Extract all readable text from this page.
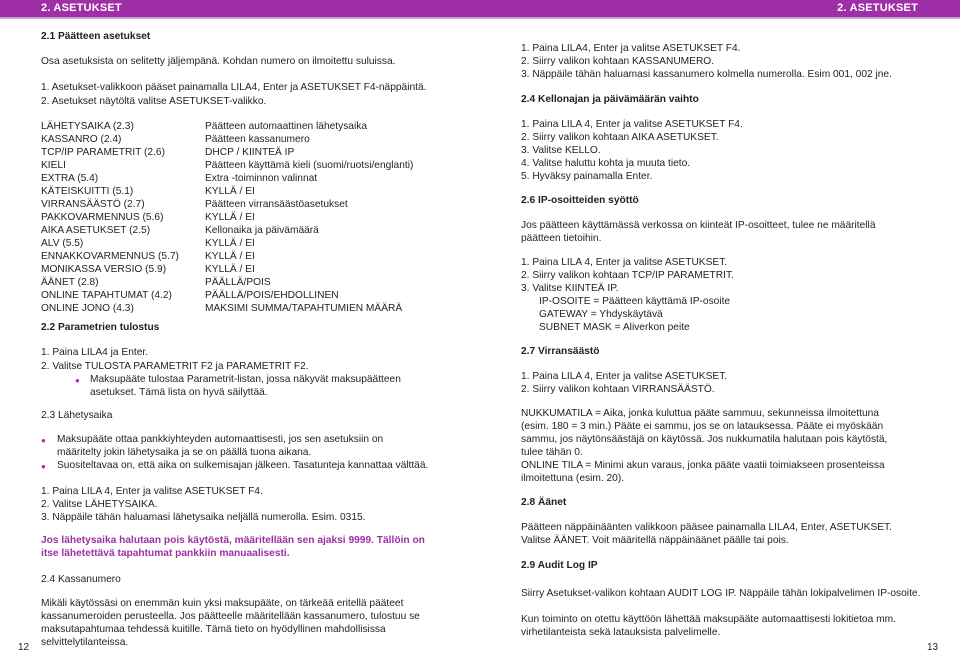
2. ASETUKSET	2. ASETUKSET
2.1 Päätteen asetukset
Osa asetuksista on selitetty jäljempänä. Kohdan numero on ilmoitettu suluissa.
1. Asetukset-valikkoon pääset painamalla LILA4, Enter ja ASETUKSET F4-näppäintä.
2. Asetukset näytöltä valitse ASETUKSET-valikko.
LÄHETYSAIKA (2.3)	Päätteen automaattinen lähetysaika
KASSANRO (2.4)	Päätteen kassanumero
TCP/IP PARAMETRIT (2.6)	DHCP / KIINTEÄ IP
KIELI	Päätteen käyttämä kieli (suomi/ruotsi/englanti)
EXTRA (5.4)	Extra -toiminnon valinnat
KÄTEISKUITTI (5.1)	KYLLÄ / EI
VIRRANSÄÄSTÖ (2.7)	Päätteen virransäästöasetukset
PAKKOVARMENNUS (5.6)	KYLLÄ / EI
AIKA ASETUKSET (2.5)	Kellonaika ja päivämäärä
ALV (5.5)	KYLLÄ / EI
ENNAKKOVARMENNUS (5.7)	KYLLÄ / EI
MONIKASSA VERSIO (5.9)	KYLLÄ / EI
ÄÄNET (2.8)	PÄÄLLÄ/POIS
ONLINE TAPAHTUMAT (4.2)	PÄÄLLÄ/POIS/EHDOLLINEN
ONLINE JONO (4.3)	MAKSIMI SUMMA/TAPAHTUMIEN MÄÄRÄ
2.2 Parametrien tulostus
1. Paina LILA4 ja Enter.
2. Valitse TULOSTA PARAMETRIT F2 ja PARAMETRIT F2.
● Maksupääte tulostaa Parametrit-listan, jossa näkyvät maksupäätteen
asetukset. Tämä lista on hyvä säilyttää.
2.3 Lähetysaika
● Maksupääte ottaa pankkiyhteyden automaattisesti, jos sen asetuksiin on
määritelty jokin lähetysaika ja se on päällä tuona aikana.
● Suositeltavaa on, että aika on sulkemisajan jälkeen. Tasatunteja kannattaa välttää.
1. Paina LILA 4, Enter ja valitse ASETUKSET F4.
2. Valitse LÄHETYSAIKA.
3. Näppäile tähän haluamasi lähetysaika neljällä numerolla. Esim. 0315.
Jos lähetysaika halutaan pois käytöstä, määritellään sen ajaksi 9999. Tällöin on
itse lähetettävä tapahtumat pankkiin manuaalisesti.
2.4 Kassanumero
Mikäli käytössäsi on enemmän kuin yksi maksupääte, on tärkeää eritellä pääteet
kassanumeroiden perusteella. Jos päätteelle määritellään kassanumero, tulostuu se
maksutapahtumaa tehdessä kuitille. Tämä tieto on hyödyllinen mahdollisissa
selvittelytilanteissa.
12
1. Paina LILA4, Enter ja valitse ASETUKSET F4.
2. Siirry valikon kohtaan KASSANUMERO.
3. Näppäile tähän haluamasi kassanumero kolmella numerolla. Esim 001, 002 jne.
2.4 Kellonajan ja päivämäärän vaihto
1. Paina LILA 4, Enter ja valitse ASETUKSET F4.
2. Siirry valikon kohtaan AIKA ASETUKSET.
3. Valitse KELLO.
4. Valitse haluttu kohta ja muuta tieto.
5. Hyväksy painamalla Enter.
2.6 IP-osoitteiden syöttö
Jos päätteen käyttämässä verkossa on kiinteät IP-osoitteet, tulee ne määritellä
päätteen tietoihin.
1. Paina LILA 4, Enter ja valitse ASETUKSET.
2. Siirry valikon kohtaan TCP/IP PARAMETRIT.
3. Valitse KIINTEÄ IP.
IP-OSOITE = Päätteen käyttämä IP-osoite
GATEWAY = Yhdyskäytävä
SUBNET MASK = Aliverkon peite
2.7 Virransäästö
1. Paina LILA 4, Enter ja valitse ASETUKSET.
2. Siirry valikon kohtaan VIRRANSÄÄSTÖ.
NUKKUMATILA = Aika, jonka kuluttua pääte sammuu, sekunneissa ilmoitettuna
(esim. 180 = 3 min.) Pääte ei sammu, jos se on latauksessa. Pääte ei myöskään
sammu, jos näytönsäästäjä on käytössä. Jos nukkumatila halutaan pois käytöstä,
tulee tähän 0.
ONLINE TILA = Minimi akun varaus, jonka pääte vaatii toimiakseen prosenteissa
ilmoitettuna (esim. 20).
2.8 Äänet
Päätteen näppäinäänten valikkoon pääsee painamalla LILA4, Enter, ASETUKSET.
Valitse ÄÄNET. Voit määritellä näppäinäänet päälle tai pois.
2.9 Audit Log IP
Siirry Asetukset-valikon kohtaan AUDIT LOG IP. Näppäile tähän lokipalvelimen IP-osoite.
Kun toiminto on otettu käyttöön lähettää maksupääte automaattisesti lokitietoa mm.
virhetilanteista sekä latauksista palvelimelle.
13
